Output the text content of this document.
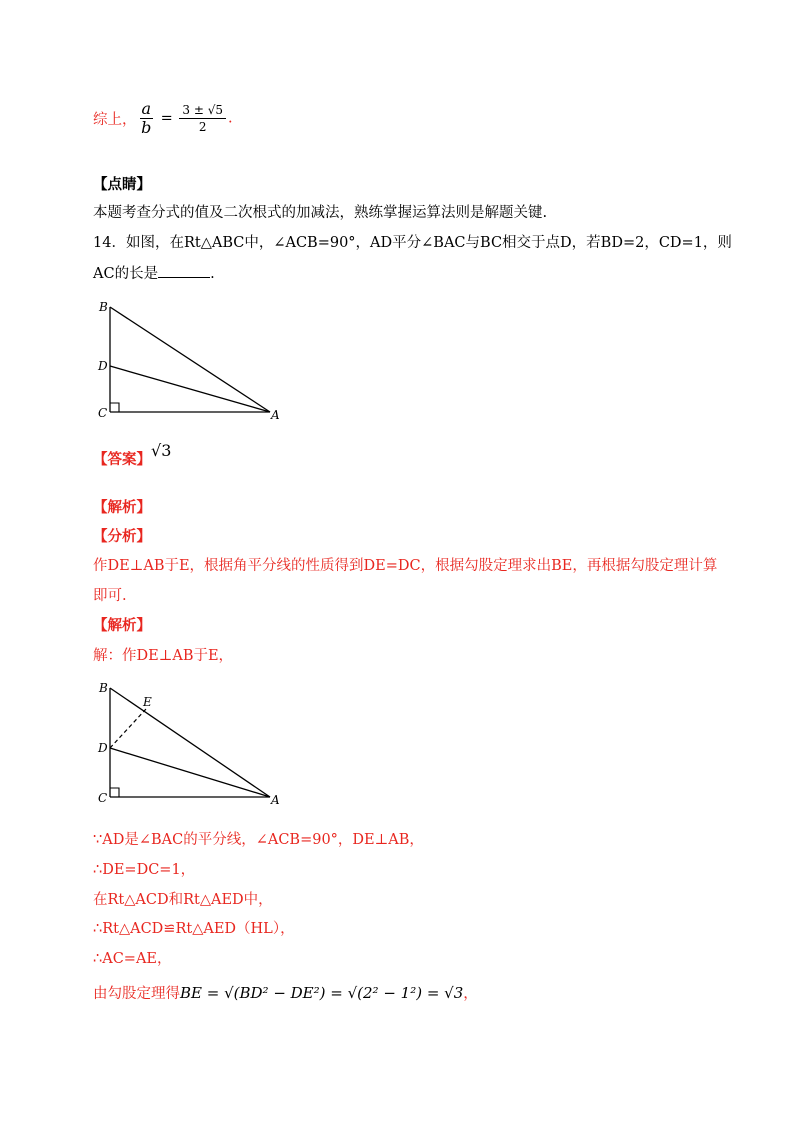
综上， $\frac{a}{b} = \frac{3 \pm √5}{2}$ .
【点睛】
本题考查分式的值及二次根式的加减法，熟练掌握运算法则是解题关键.
14．如图，在Rt△ABC中，∠ACB=90°，AD平分∠BAC与BC相交于点D，若BD=2，CD=1，则
AC的长是	.
B
D
C	A
【答案】√3
【解析】
【分析】
作DE⊥AB于E，根据角平分线的性质得到DE=DC，根据勾股定理求出BE，再根据勾股定理计算
即可.
【解析】
解：作DE⊥AB于E，
B
E
D
C	A
∵AD是∠BAC的平分线，∠ACB=90°，DE⊥AB，
∴DE=DC=1，
在Rt△ACD和Rt△AED中，
∴Rt△ACD≌Rt△AED（HL），
∴AC=AE，
由勾股定理得BE = √(BD² − DE²) = √(2² − 1²) = √3，
